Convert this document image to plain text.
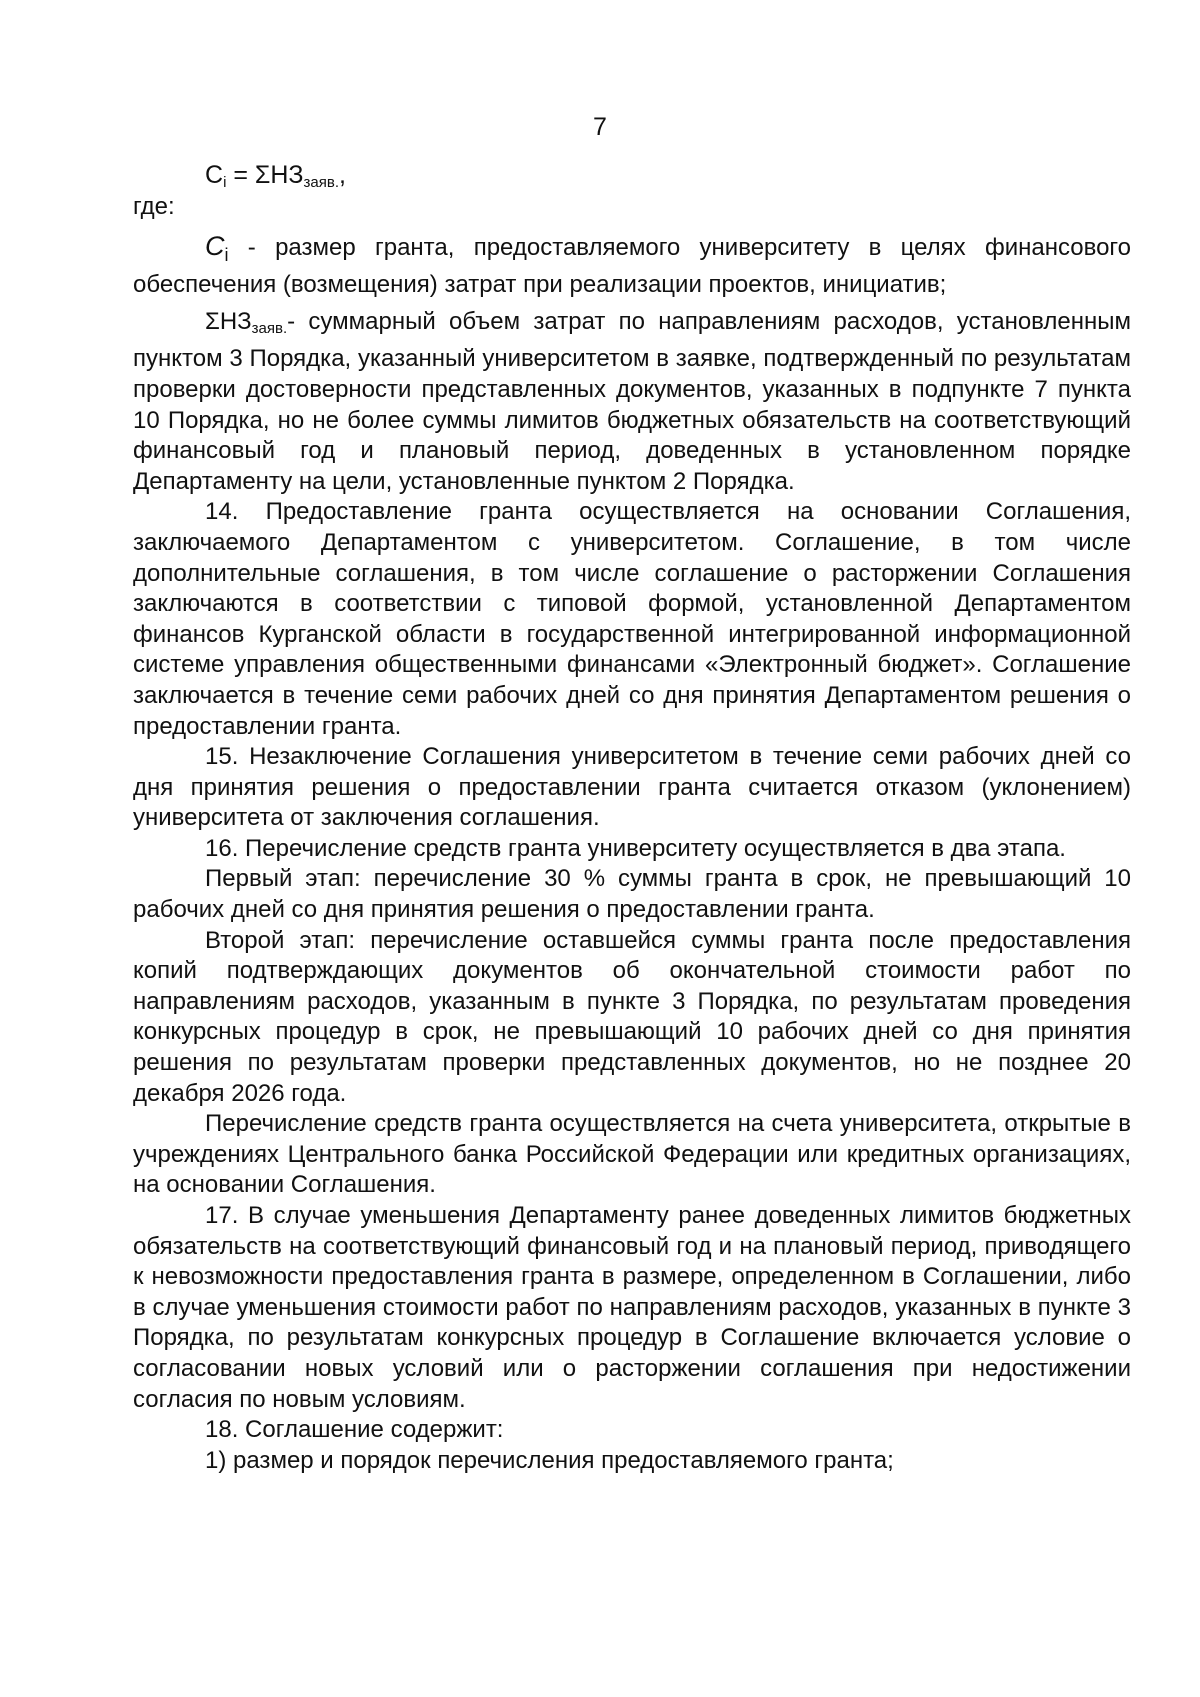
7
$C_i = \Sigma НЗ_{заяв.}$,

где:

$C_i$ - размер гранта, предоставляемого университету в целях финансового обеспечения (возмещения) затрат при реализации проектов, инициатив;

ΣНЗзаяв.- суммарный объем затрат по направлениям расходов, установленным пунктом 3 Порядка, указанный университетом в заявке, подтвержденный по результатам проверки достоверности представленных документов, указанных в подпункте 7 пункта 10 Порядка, но не более суммы лимитов бюджетных обязательств на соответствующий финансовый год и плановый период, доведенных в установленном порядке Департаменту на цели, установленные пунктом 2 Порядка.

14. Предоставление гранта осуществляется на основании Соглашения, заключаемого Департаментом с университетом. Соглашение, в том числе дополнительные соглашения, в том числе соглашение о расторжении Соглашения заключаются в соответствии с типовой формой, установленной Департаментом финансов Курганской области в государственной интегрированной информационной системе управления общественными финансами «Электронный бюджет». Соглашение заключается в течение семи рабочих дней со дня принятия Департаментом решения о предоставлении гранта.

15. Незаключение Соглашения университетом в течение семи рабочих дней со дня принятия решения о предоставлении гранта считается отказом (уклонением) университета от заключения соглашения.

16. Перечисление средств гранта университету осуществляется в два этапа.

Первый этап: перечисление 30 % суммы гранта в срок, не превышающий 10 рабочих дней со дня принятия решения о предоставлении гранта.

Второй этап: перечисление оставшейся суммы гранта после предоставления копий подтверждающих документов об окончательной стоимости работ по направлениям расходов, указанным в пункте 3 Порядка, по результатам проведения конкурсных процедур в срок, не превышающий 10 рабочих дней со дня принятия решения по результатам проверки представленных документов, но не позднее 20 декабря 2026 года.

Перечисление средств гранта осуществляется на счета университета, открытые в учреждениях Центрального банка Российской Федерации или кредитных организациях, на основании Соглашения.

17. В случае уменьшения Департаменту ранее доведенных лимитов бюджетных обязательств на соответствующий финансовый год и на плановый период, приводящего к невозможности предоставления гранта в размере, определенном в Соглашении, либо в случае уменьшения стоимости работ по направлениям расходов, указанных в пункте 3 Порядка, по результатам конкурсных процедур в Соглашение включается условие о согласовании новых условий или о расторжении соглашения при недостижении согласия по новым условиям.

18. Соглашение содержит:

1) размер и порядок перечисления предоставляемого гранта;
